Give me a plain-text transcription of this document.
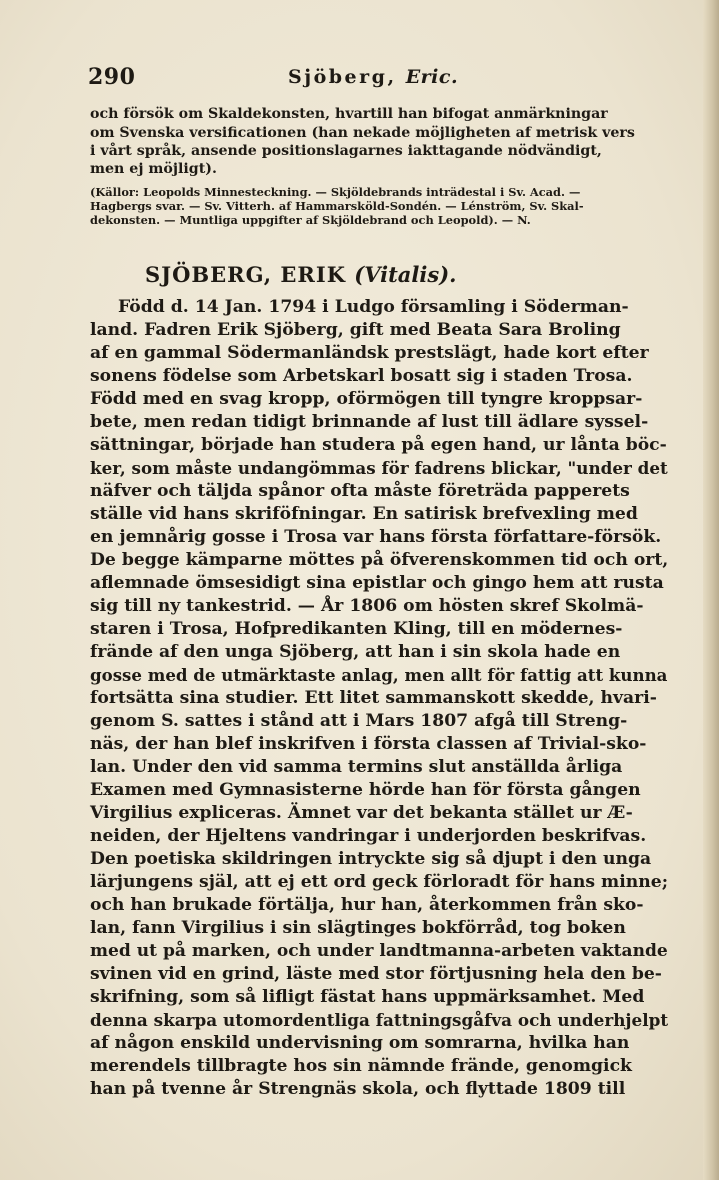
290	Sjöberg, Eric.
och försök om Skaldekonsten, hvartill han bifogat anmärkningar
om Svenska versificationen (han nekade möjligheten af metrisk vers
i vårt språk, ansende positionslagarnes iakttagande nödvändigt,
men ej möjligt).
(Källor: Leopolds Minnesteckning. — Skjöldebrands inträdestal i Sv. Acad. —
Hagbergs svar. — Sv. Vitterh. af Hammarsköld-Sondén. — Lénström, Sv. Skal-
dekonsten. — Muntliga uppgifter af Skjöldebrand och Leopold). — N.
SJÖBERG, ERIK (Vitalis).
Född d. 14 Jan. 1794 i Ludgo församling i Söderman-
land. Fadren Erik Sjöberg, gift med Beata Sara Broling
af en gammal Södermanländsk prestslägt, hade kort efter
sonens födelse som Arbetskarl bosatt sig i staden Trosa.
Född med en svag kropp, oförmögen till tyngre kroppsar-
bete, men redan tidigt brinnande af lust till ädlare syssel-
sättningar, började han studera på egen hand, ur lånta böc-
ker, som måste undangömmas för fadrens blickar, "under det
näfver och täljda spånor ofta måste företräda papperets
ställe vid hans skriföfningar. En satirisk brefvexling med
en jemnårig gosse i Trosa var hans första författare-försök.
De begge kämparne möttes på öfverenskommen tid och ort,
aflemnade ömsesidigt sina epistlar och gingo hem att rusta
sig till ny tankestrid. — År 1806 om hösten skref Skolmä-
staren i Trosa, Hofpredikanten Kling, till en mödernes-
frände af den unga Sjöberg, att han i sin skola hade en
gosse med de utmärktaste anlag, men allt för fattig att kunna
fortsätta sina studier. Ett litet sammanskott skedde, hvari-
genom S. sattes i stånd att i Mars 1807 afgå till Streng-
näs, der han blef inskrifven i första classen af Trivial-sko-
lan. Under den vid samma termins slut anställda årliga
Examen med Gymnasisterne hörde han för första gången
Virgilius expliceras. Ämnet var det bekanta stället ur Æ-
neiden, der Hjeltens vandringar i underjorden beskrifvas.
Den poetiska skildringen intryckte sig så djupt i den unga
lärjungens själ, att ej ett ord geck förloradt för hans minne;
och han brukade förtälja, hur han, återkommen från sko-
lan, fann Virgilius i sin slägtinges bokförråd, tog boken
med ut på marken, och under landtmanna-arbeten vaktande
svinen vid en grind, läste med stor förtjusning hela den be-
skrifning, som så lifligt fästat hans uppmärksamhet. Med
denna skarpa utomordentliga fattningsgåfva och underhjelpt
af någon enskild undervisning om somrarna, hvilka han
merendels tillbragte hos sin nämnde frände, genomgick
han på tvenne år Strengnäs skola, och flyttade 1809 till
